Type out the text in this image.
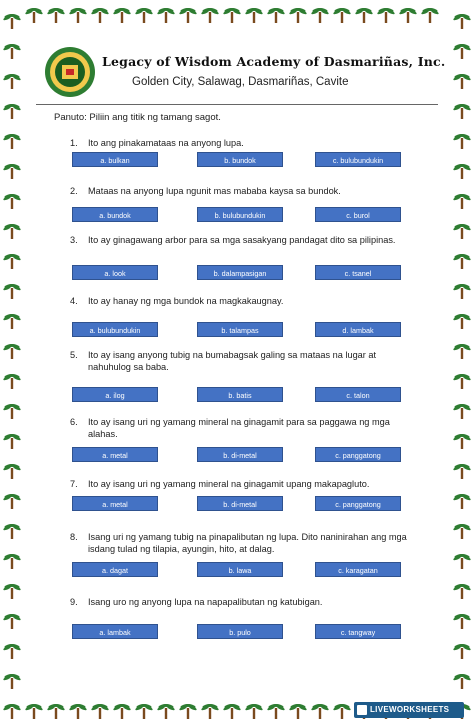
Legacy of Wisdom Academy of Dasmariñas, Inc.
Golden City, Salawag, Dasmariñas, Cavite
Panuto: Piliin ang titik ng tamang sagot.
1. Ito ang pinakamataas na anyong lupa.
a. bulkan	b. bundok	c. bulubundukin
2. Mataas na anyong lupa ngunit mas mababa kaysa sa bundok.
a. bundok	b. bulubundukin	c. burol
3. Ito ay ginagawang arbor para sa mga sasakyang pandagat dito sa pilipinas.
a. look	b. dalampasigan	c. tsanel
4. Ito ay hanay ng mga bundok na magkakaugnay.
a. bulubundukin	b. talampas	d. lambak
5. Ito ay isang anyong tubig na bumabagsak galing sa mataas na lugar at nahuhulog sa baba.
a. ilog	b. batis	c. talon
6. Ito ay isang uri ng yamang mineral na ginagamit para sa paggawa ng mga alahas.
a. metal	b. di-metal	c. panggatong
7. Ito ay isang uri ng yamang mineral na ginagamit upang makapagluto.
a. metal	b. di-metal	c. panggatong
8. Isang uri ng yamang tubig na pinapalibutan ng lupa. Dito naninirahan ang mga isdang tulad ng tilapia, ayungin, hito, at dalag.
a. dagat	b. lawa	c. karagatan
9. Isang uro ng anyong lupa na napapalibutan ng katubigan.
a. lambak	b. pulo	c. tangway
LIVEWORKSHEETS
